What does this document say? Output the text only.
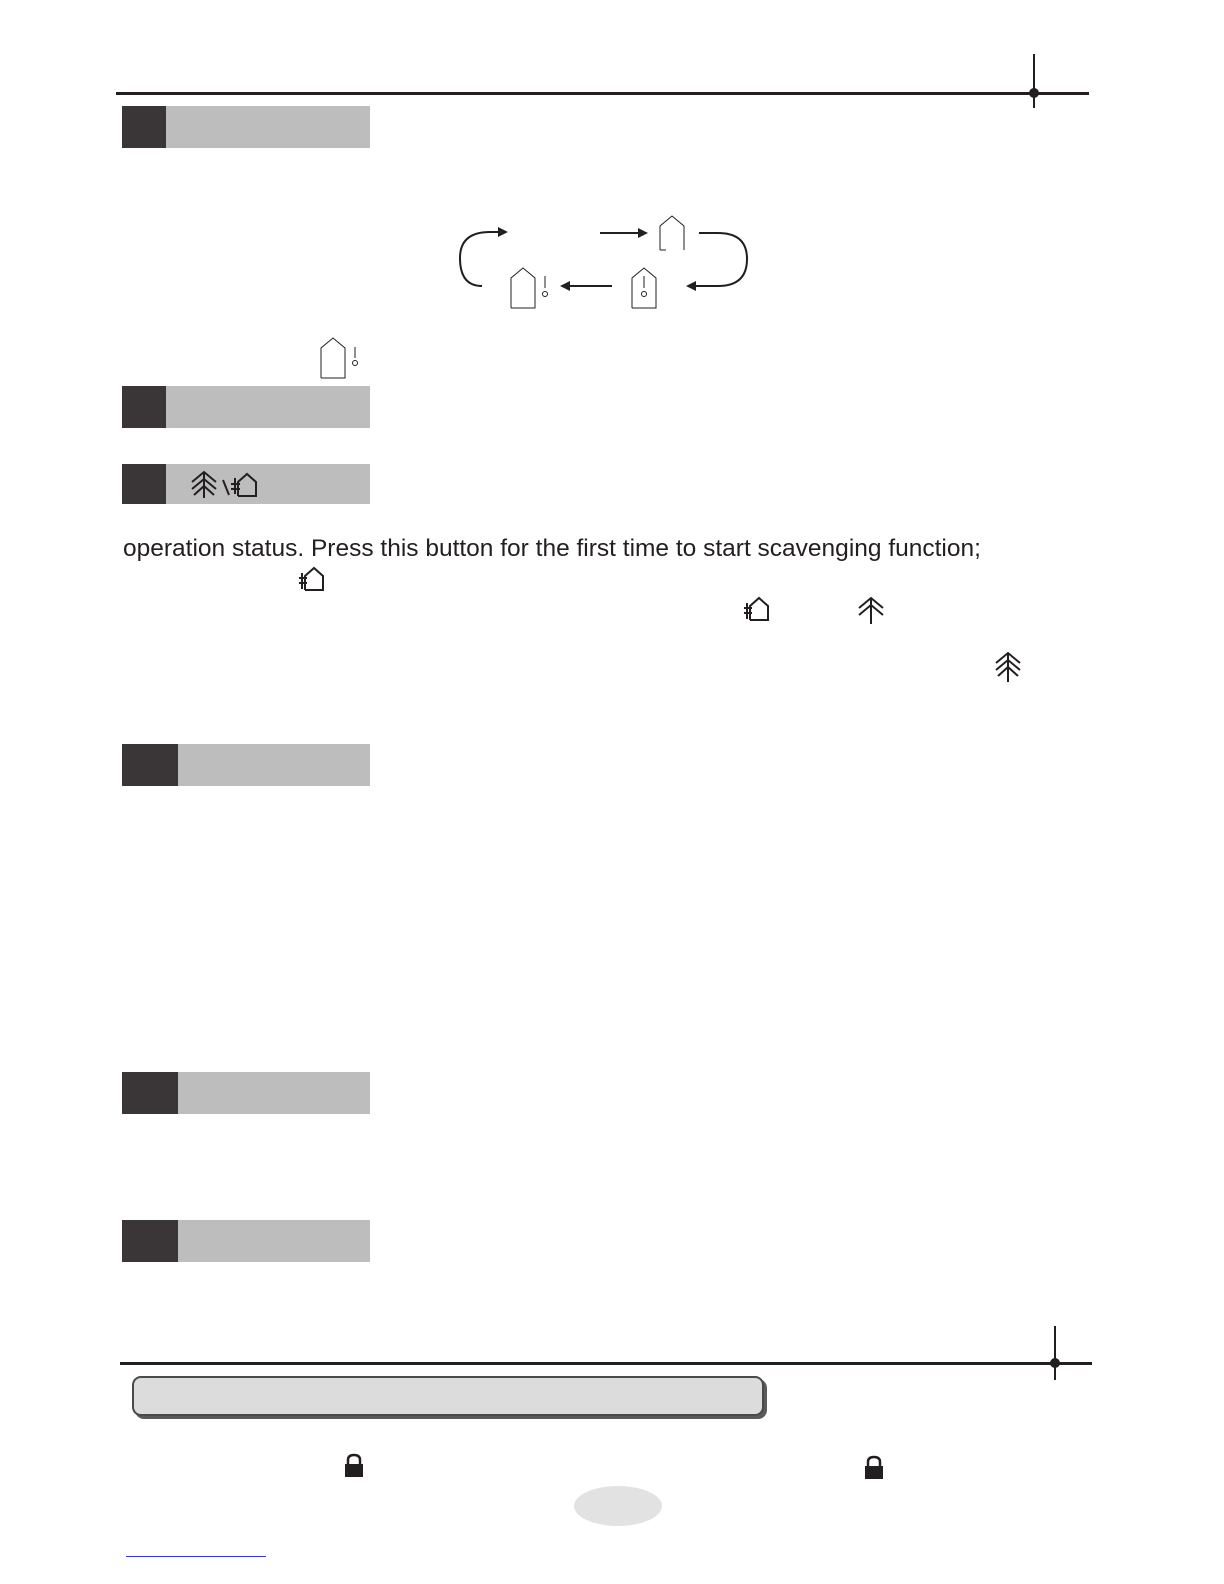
operation status. Press this button for the first time to start scavenging function;
